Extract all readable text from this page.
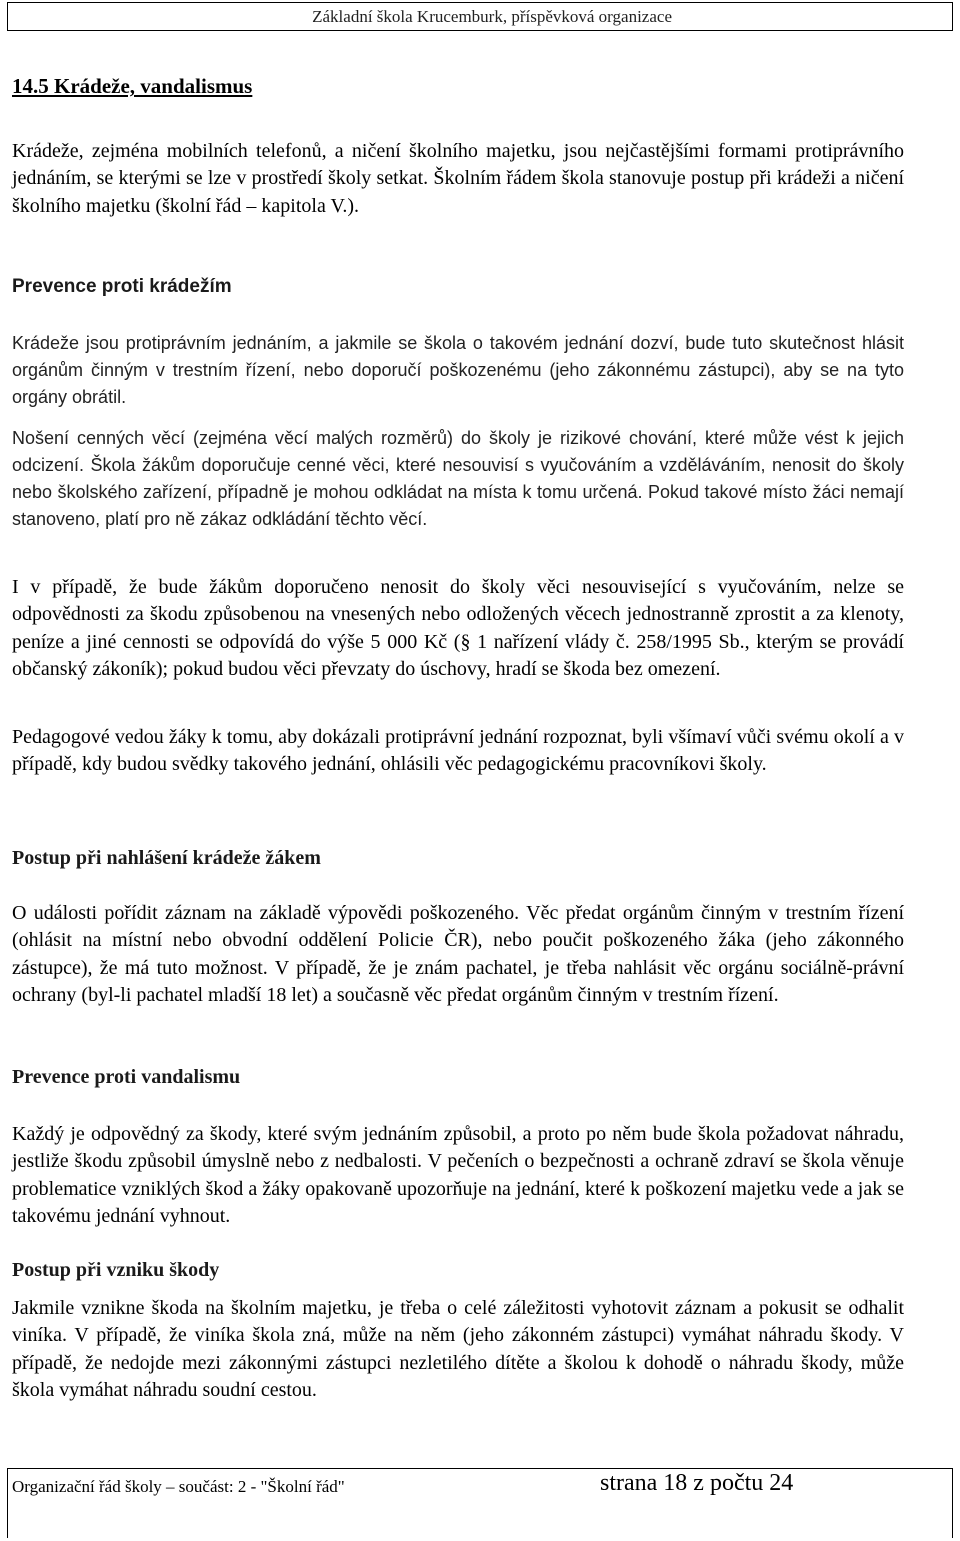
Základní škola Krucemburk, příspěvková organizace
14.5 Krádeže, vandalismus

Krádeže, zejména mobilních telefonů, a ničení školního majetku, jsou nejčastějšími formami protiprávního jednáním, se kterými se lze v prostředí školy setkat. Školním řádem škola stanovuje postup při krádeži a ničení školního majetku (školní řád – kapitola V.).

Prevence proti krádežím

Krádeže jsou protiprávním jednáním, a jakmile se škola o takovém jednání dozví, bude tuto skutečnost hlásit orgánům činným v trestním řízení, nebo doporučí poškozenému (jeho zákonnému zástupci), aby se na tyto orgány obrátil.

Nošení cenných věcí (zejména věcí malých rozměrů) do školy je rizikové chování, které může vést k jejich odcizení. Škola žákům doporučuje cenné věci, které nesouvisí s vyučováním a vzděláváním, nenosit do školy nebo školského zařízení, případně je mohou odkládat na místa k tomu určená. Pokud takové místo žáci nemají stanoveno, platí pro ně zákaz odkládání těchto věcí.

I v případě, že bude žákům doporučeno nenosit do školy věci nesouvisející s vyučováním, nelze se odpovědnosti za škodu způsobenou na vnesených nebo odložených věcech jednostranně zprostit a za klenoty, peníze a jiné cennosti se odpovídá do výše 5 000 Kč (§ 1 nařízení vlády č. 258/1995 Sb., kterým se provádí občanský zákoník); pokud budou věci převzaty do úschovy, hradí se škoda bez omezení.

Pedagogové vedou žáky k tomu, aby dokázali protiprávní jednání rozpoznat, byli všímaví vůči svému okolí a v případě, kdy budou svědky takového jednání, ohlásili věc pedagogickému pracovníkovi školy.

Postup při nahlášení krádeže žákem

O události pořídit záznam na základě výpovědi poškozeného. Věc předat orgánům činným v trestním řízení (ohlásit na místní nebo obvodní oddělení Policie ČR), nebo poučit poškozeného žáka (jeho zákonného zástupce), že má tuto možnost. V případě, že je znám pachatel, je třeba nahlásit věc orgánu sociálně-právní ochrany (byl-li pachatel mladší 18 let) a současně věc předat orgánům činným v trestním řízení.

Prevence proti vandalismu

Každý je odpovědný za škody, které svým jednáním způsobil, a proto po něm bude škola požadovat náhradu, jestliže škodu způsobil úmyslně nebo z nedbalosti. V pečeních o bezpečnosti a ochraně zdraví se škola věnuje problematice vzniklých škod a žáky opakovaně upozorňuje na jednání, které k poškození majetku vede a jak se takovému jednání vyhnout.

Postup při vzniku škody

Jakmile vznikne škoda na školním majetku, je třeba o celé záležitosti vyhotovit záznam a pokusit se odhalit viníka. V případě, že viníka škola zná, může na něm (jeho zákonném zástupci) vymáhat náhradu škody. V případě, že nedojde mezi zákonnými zástupci nezletilého dítěte a školou k dohodě o náhradu škody, může škola vymáhat náhradu soudní cestou.

Organizační řád školy – součást: 2 - "Školní řád"	strana 18 z počtu 24
